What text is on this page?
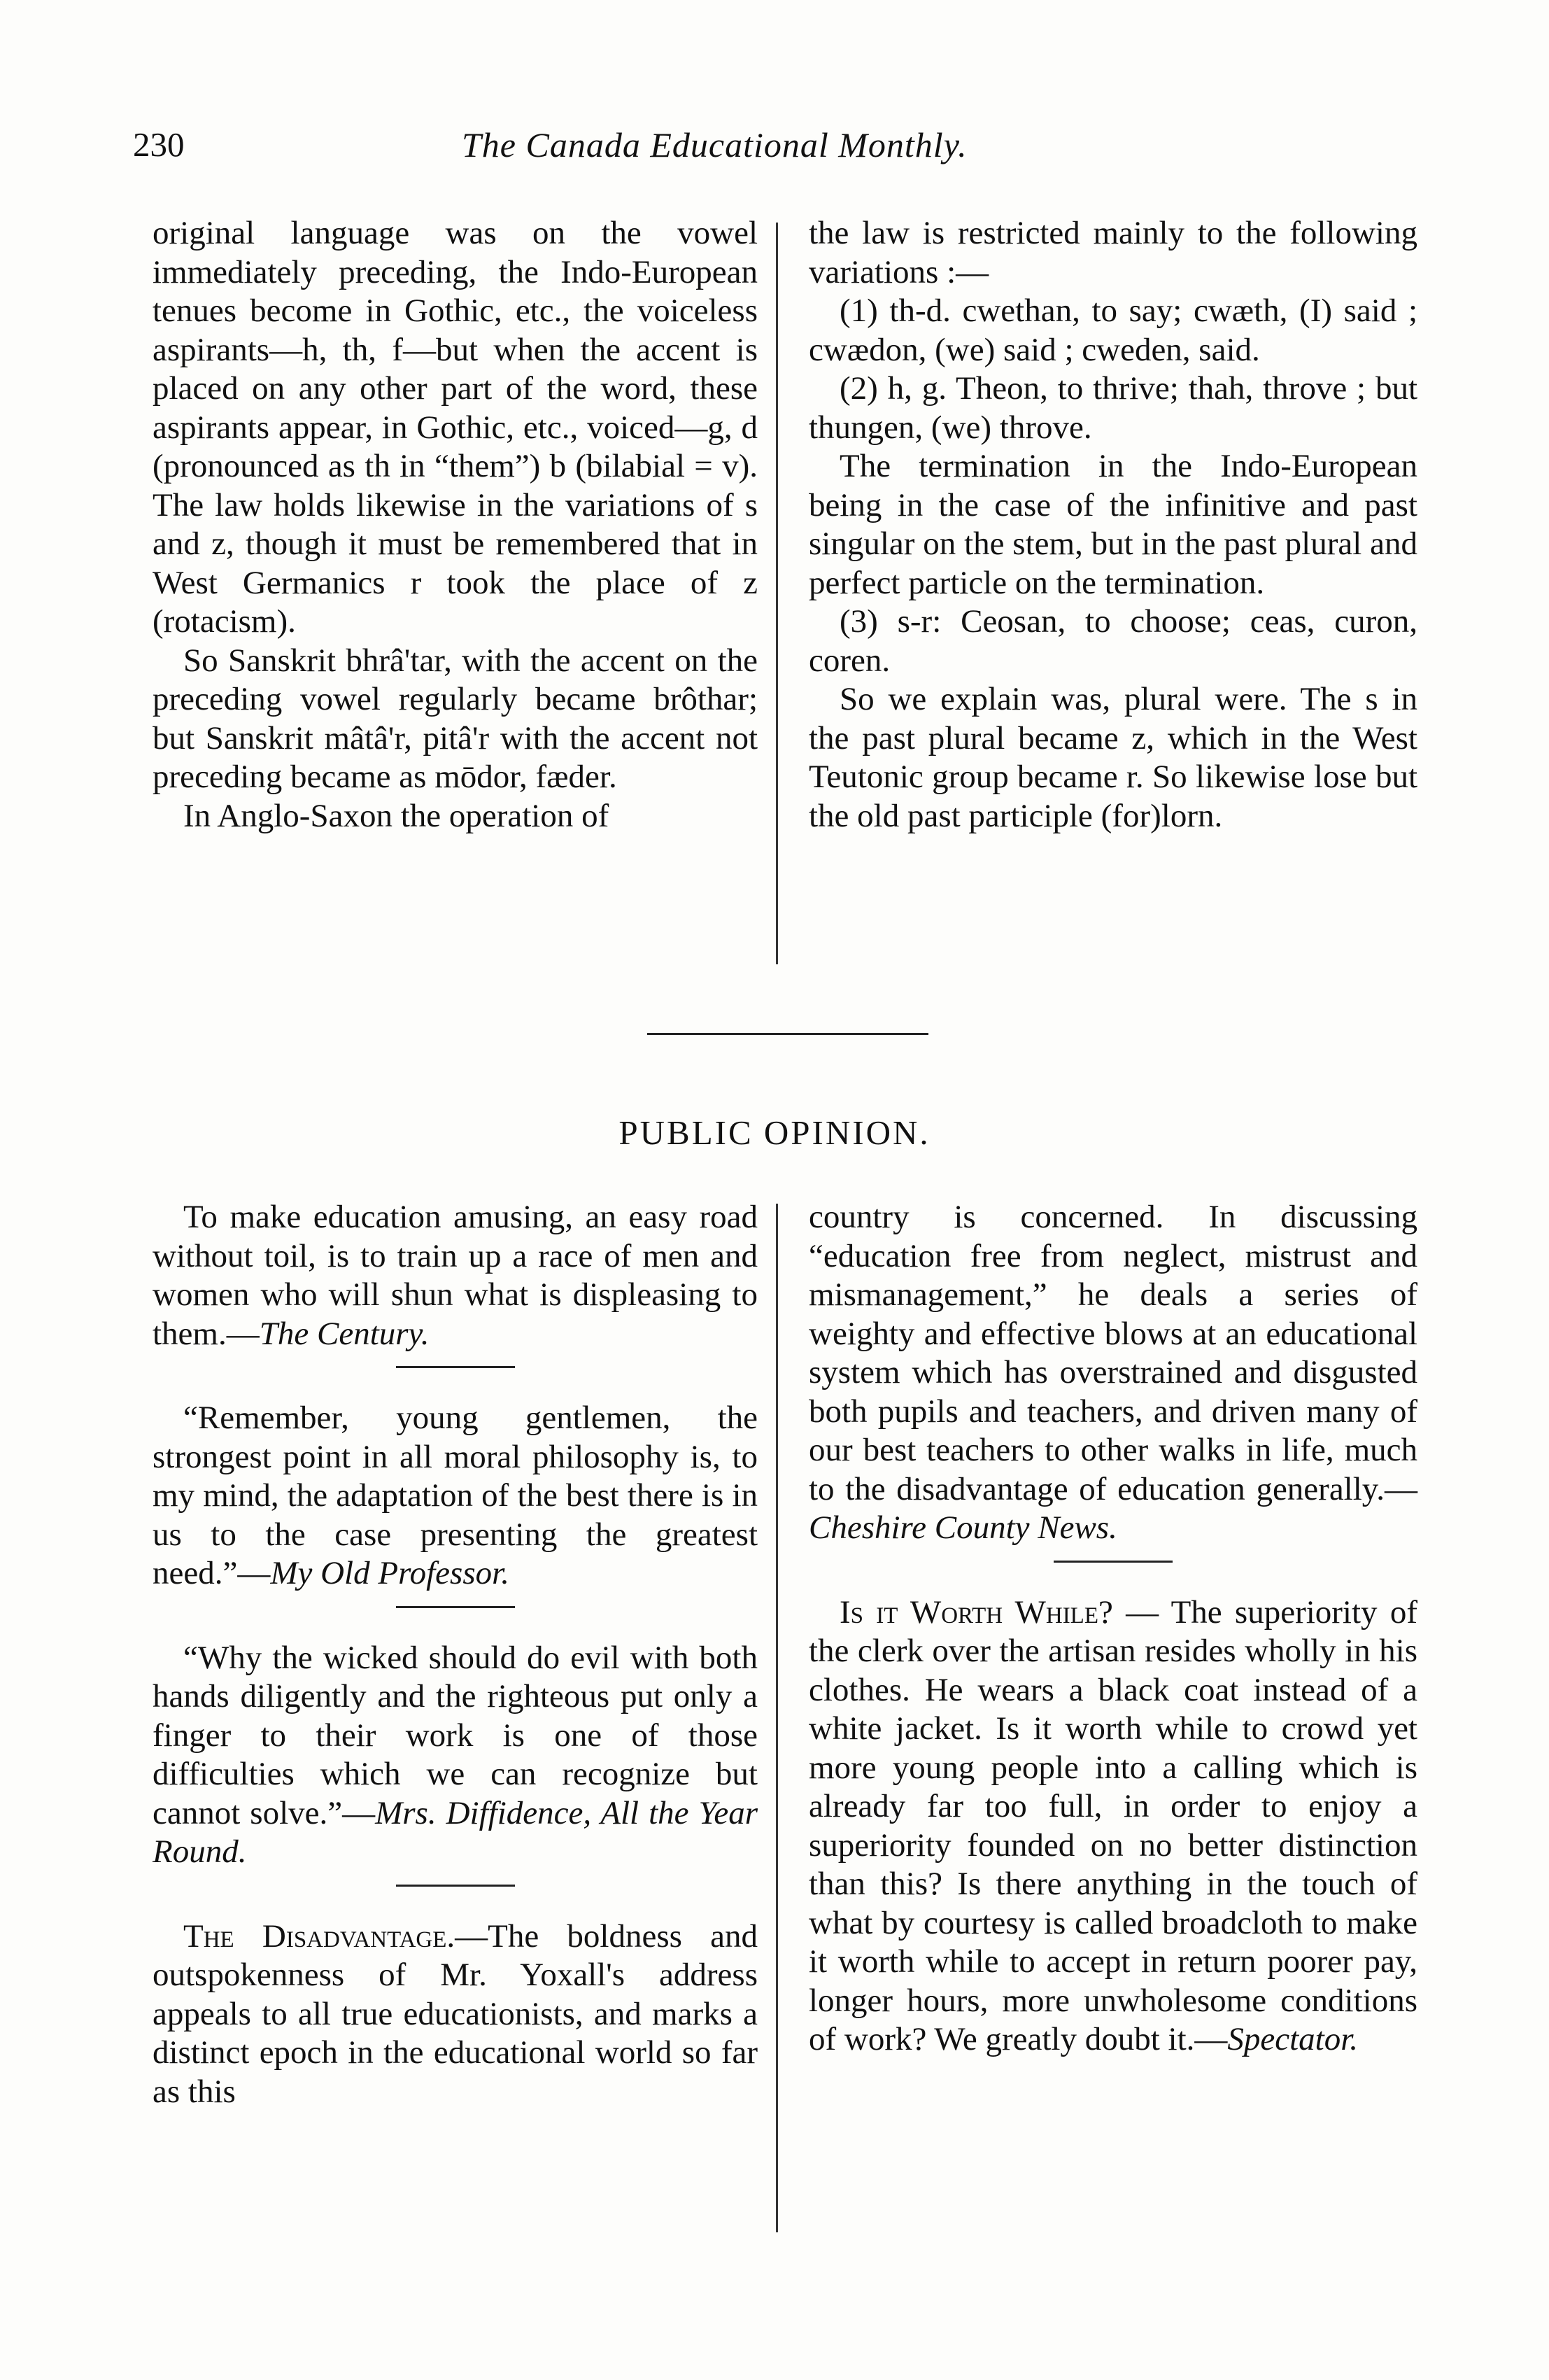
230	The Canada Educational Monthly.

original language was on the vowel immediately preceding, the Indo-European tenues become in Gothic, etc., the voiceless aspirants—h, th, f—but when the accent is placed on any other part of the word, these aspirants appear, in Gothic, etc., voiced—g, d (pronounced as th in “them”) b (bilabial = v). The law holds likewise in the variations of s and z, though it must be remembered that in West Germanics r took the place of z (rotacism).

So Sanskrit bhrâ'tar, with the accent on the preceding vowel regularly became brôthar; but Sanskrit mâtâ'r, pitâ'r with the accent not preceding became as mōdor, fæder.

In Anglo-Saxon the operation of

the law is restricted mainly to the following variations :—

(1) th-d. cwethan, to say; cwæth, (I) said ; cwædon, (we) said ; cweden, said.

(2) h, g. Theon, to thrive; thah, throve ; but thungen, (we) throve.

The termination in the Indo-European being in the case of the infinitive and past singular on the stem, but in the past plural and perfect particle on the termination.

(3) s-r: Ceosan, to choose; ceas, curon, coren.

So we explain was, plural were. The s in the past plural became z, which in the West Teutonic group became r. So likewise lose but the old past participle (for)lorn.

PUBLIC OPINION.

To make education amusing, an easy road without toil, is to train up a race of men and women who will shun what is displeasing to them.—The Century.

“Remember, young gentlemen, the strongest point in all moral philosophy is, to my mind, the adaptation of the best there is in us to the case presenting the greatest need.”—My Old Professor.

“Why the wicked should do evil with both hands diligently and the righteous put only a finger to their work is one of those difficulties which we can recognize but cannot solve.”—Mrs. Diffidence, All the Year Round.

The Disadvantage.—The boldness and outspokenness of Mr. Yoxall's address appeals to all true educationists, and marks a distinct epoch in the educational world so far as this

country is concerned. In discussing “education free from neglect, mistrust and mismanagement,” he deals a series of weighty and effective blows at an educational system which has overstrained and disgusted both pupils and teachers, and driven many of our best teachers to other walks in life, much to the disadvantage of education generally.—Cheshire County News.

Is it Worth While? — The superiority of the clerk over the artisan resides wholly in his clothes. He wears a black coat instead of a white jacket. Is it worth while to crowd yet more young people into a calling which is already far too full, in order to enjoy a superiority founded on no better distinction than this? Is there anything in the touch of what by courtesy is called broadcloth to make it worth while to accept in return poorer pay, longer hours, more unwholesome conditions of work? We greatly doubt it.—Spectator.
